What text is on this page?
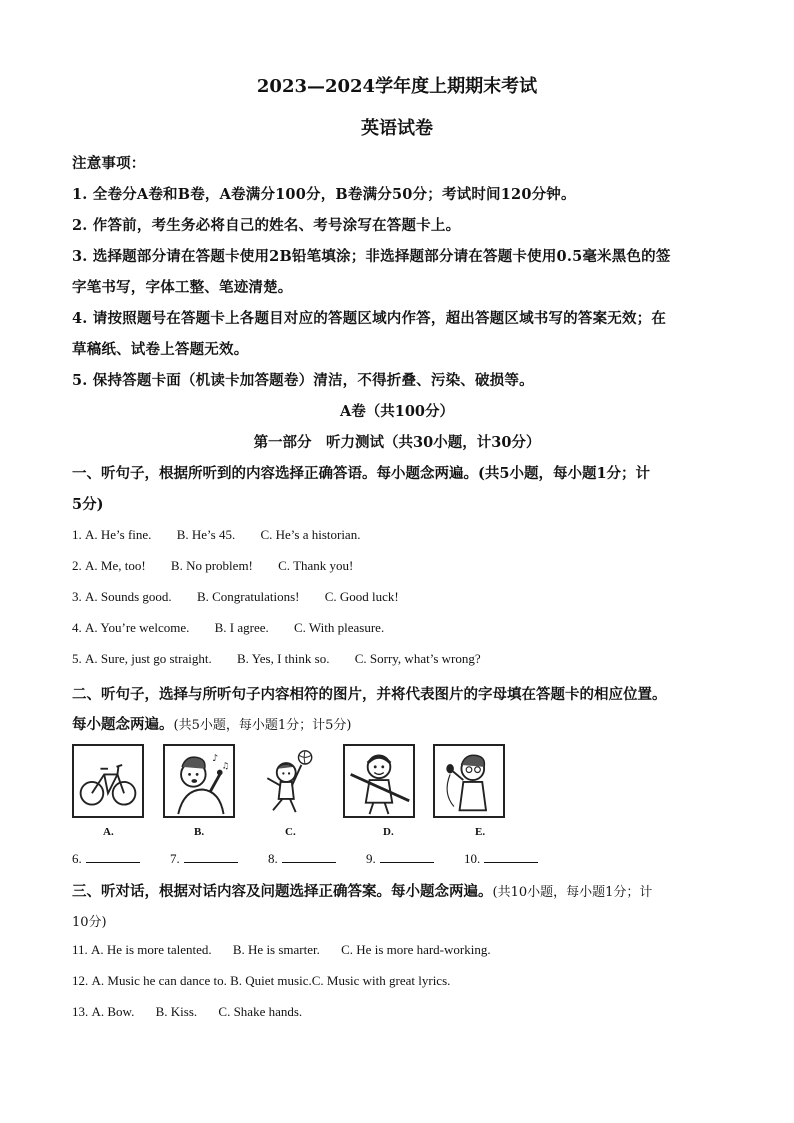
2023—2024学年度上期期末考试
英语试卷
注意事项：
1. 全卷分A卷和B卷，A卷满分100分，B卷满分50分；考试时间120分钟。
2. 作答前，考生务必将自己的姓名、考号涂写在答题卡上。
3. 选择题部分请在答题卡使用2B铅笔填涂；非选择题部分请在答题卡使用0.5毫米黑色的签
字笔书写，字体工整、笔迹清楚。
4. 请按照题号在答题卡上各题目对应的答题区域内作答，超出答题区域书写的答案无效；在
草稿纸、试卷上答题无效。
5. 保持答题卡面（机读卡加答题卷）清洁，不得折叠、污染、破损等。
A卷（共100分）
第一部分　听力测试（共30小题，计30分）
一、听句子，根据所听到的内容选择正确答语。每小题念两遍。(共5小题，每小题1分；计
5分)
1. A. He’s fine. B. He’s 45. C. He’s a historian.
2. A. Me, too! B. No problem! C. Thank you!
3. A. Sounds good. B. Congratulations! C. Good luck!
4. A. You’re welcome. B. I agree. C. With pleasure.
5. A. Sure, just go straight. B. Yes, I think so. C. Sorry, what’s wrong?
二、听句子，选择与所听句子内容相符的图片，并将代表图片的字母填在答题卡的相应位置。
每小题念两遍。(共5小题，每小题1分；计5分)
♪
♫
A.	B.	C.	D.	E.
6.	7.	8.	9.	10.
三、听对话，根据对话内容及问题选择正确答案。每小题念两遍。(共10小题，每小题1分；计
10分)
11. A. He is more talented. B. He is smarter. C. He is more hard-working.
12. A. Music he can dance to. B. Quiet music.C. Music with great lyrics.
13. A. Bow. B. Kiss. C. Shake hands.
